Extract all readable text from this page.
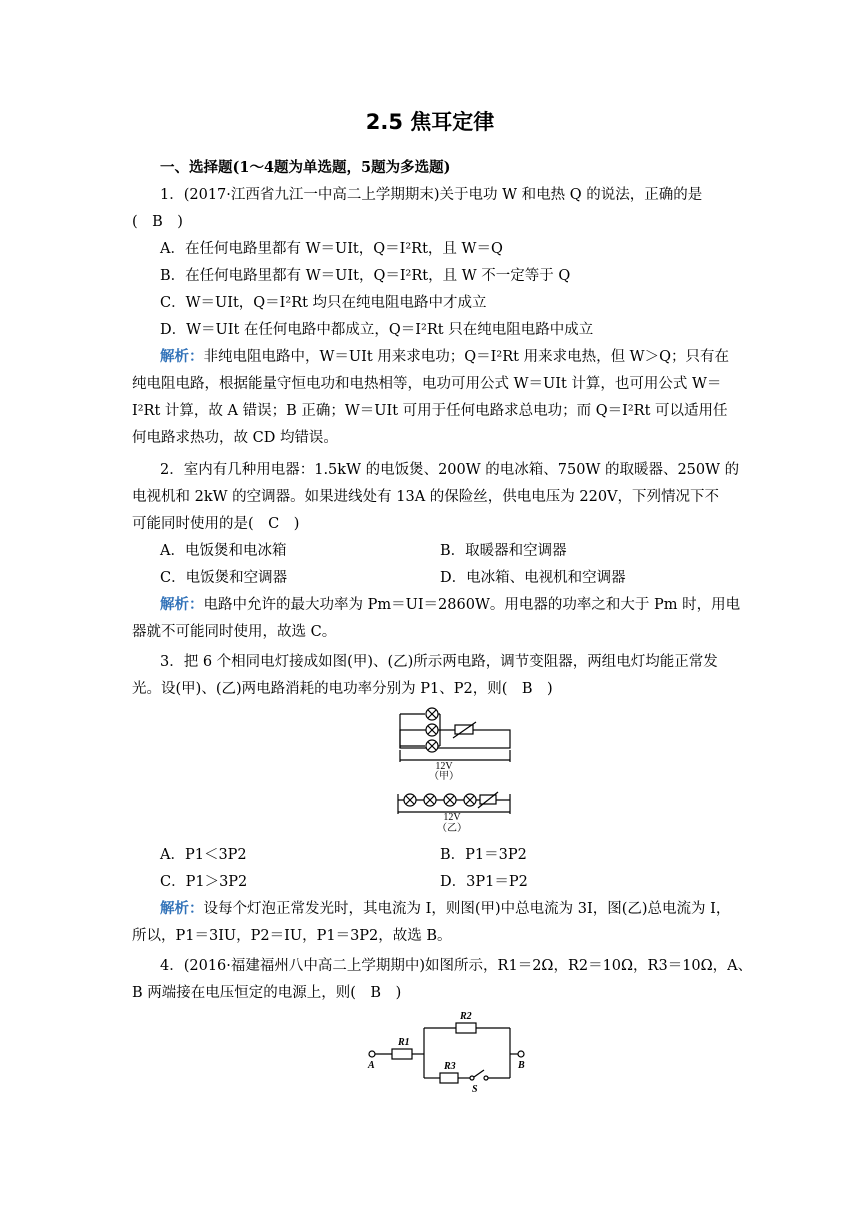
2.5 焦耳定律
一、选择题(1～4题为单选题，5题为多选题)
1．(2017·江西省九江一中高二上学期期末)关于电功 W 和电热 Q 的说法，正确的是
(　B　)
A．在任何电路里都有 W＝UIt，Q＝I²Rt，且 W＝Q
B．在任何电路里都有 W＝UIt，Q＝I²Rt，且 W 不一定等于 Q
C．W＝UIt，Q＝I²Rt 均只在纯电阻电路中才成立
D．W＝UIt 在任何电路中都成立，Q＝I²Rt 只在纯电阻电路中成立
解析：非纯电阻电路中，W＝UIt 用来求电功；Q＝I²Rt 用来求电热，但 W＞Q；只有在
纯电阻电路，根据能量守恒电功和电热相等，电功可用公式 W＝UIt 计算，也可用公式 W＝
I²Rt 计算，故 A 错误；B 正确；W＝UIt 可用于任何电路求总电功；而 Q＝I²Rt 可以适用任
何电路求热功，故 CD 均错误。
2．室内有几种用电器：1.5kW 的电饭煲、200W 的电冰箱、750W 的取暖器、250W 的
电视机和 2kW 的空调器。如果进线处有 13A 的保险丝，供电电压为 220V，下列情况下不
可能同时使用的是(　C　)
A．电饭煲和电冰箱	B．取暖器和空调器
C．电饭煲和空调器	D．电冰箱、电视机和空调器
解析：电路中允许的最大功率为 Pm＝UI＝2860W。用电器的功率之和大于 Pm 时，用电
器就不可能同时使用，故选 C。
3．把 6 个相同电灯接成如图(甲)、(乙)所示两电路，调节变阻器，两组电灯均能正常发
光。设(甲)、(乙)两电路消耗的电功率分别为 P1、P2，则(　B　)
12V
（甲）
12V
（乙）
A．P1＜3P2	B．P1＝3P2
C．P1＞3P2	D．3P1＝P2
解析：设每个灯泡正常发光时，其电流为 I，则图(甲)中总电流为 3I，图(乙)总电流为 I，
所以，P1＝3IU，P2＝IU，P1＝3P2，故选 B。
4．(2016·福建福州八中高二上学期期中)如图所示，R1＝2Ω，R2＝10Ω，R3＝10Ω，A、
B 两端接在电压恒定的电源上，则(　B　)
R1
R2
R3
A	B
S
